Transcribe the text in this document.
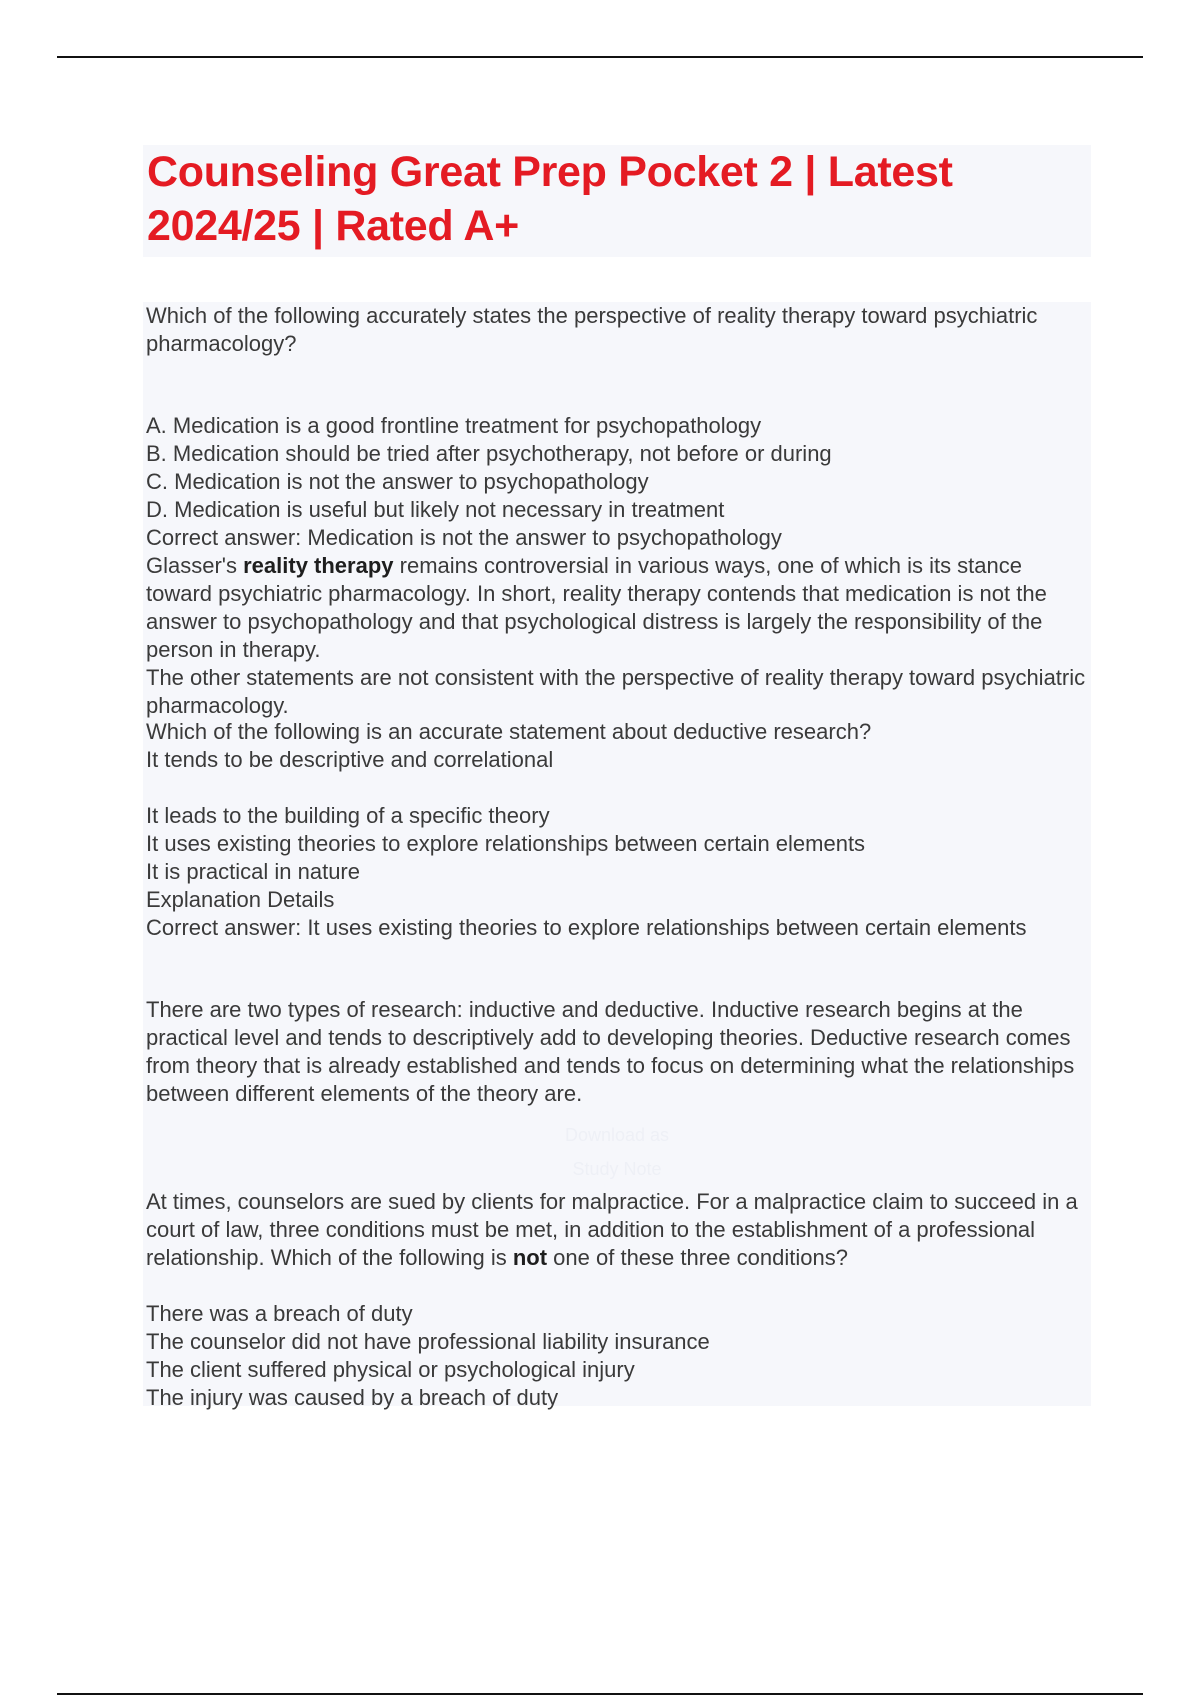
Counseling Great Prep Pocket 2 | Latest 2024/25 | Rated A+

Which of the following accurately states the perspective of reality therapy toward psychiatric pharmacology?

A. Medication is a good frontline treatment for psychopathology

B. Medication should be tried after psychotherapy, not before or during

C. Medication is not the answer to psychopathology

D. Medication is useful but likely not necessary in treatment

Correct answer: Medication is not the answer to psychopathology

Glasser's reality therapy remains controversial in various ways, one of which is its stance toward psychiatric pharmacology. In short, reality therapy contends that medication is not the answer to psychopathology and that psychological distress is largely the responsibility of the person in therapy.

The other statements are not consistent with the perspective of reality therapy toward psychiatric pharmacology.

Which of the following is an accurate statement about deductive research?

It tends to be descriptive and correlational

It leads to the building of a specific theory

It uses existing theories to explore relationships between certain elements

It is practical in nature

Explanation Details

Correct answer: It uses existing theories to explore relationships between certain elements

There are two types of research: inductive and deductive. Inductive research begins at the practical level and tends to descriptively add to developing theories. Deductive research comes from theory that is already established and tends to focus on determining what the relationships between different elements of the theory are.

Download as
Study Note

At times, counselors are sued by clients for malpractice. For a malpractice claim to succeed in a court of law, three conditions must be met, in addition to the establishment of a professional relationship. Which of the following is not one of these three conditions?

There was a breach of duty

The counselor did not have professional liability insurance

The client suffered physical or psychological injury

The injury was caused by a breach of duty
